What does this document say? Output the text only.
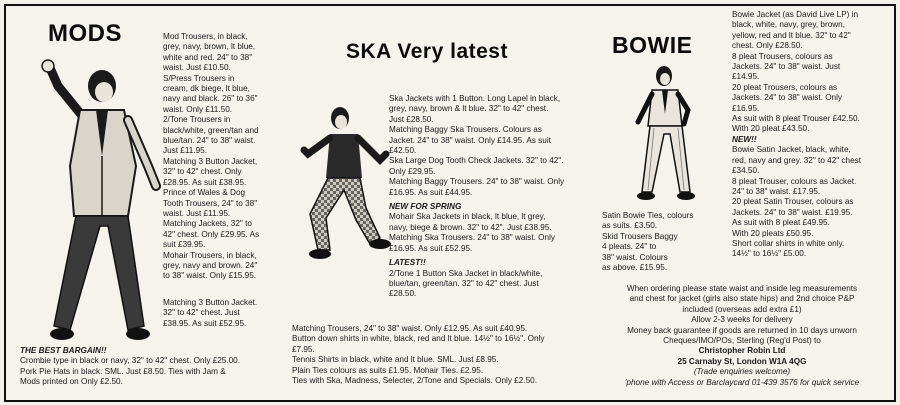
MODS	Mod Trousers, in black,

grey, navy, brown, lt blue,

white and red. 24" to 38"

waist. Just £10.50.

S/Press Trousers in

cream, dk biege, lt blue,

navy and black. 26" to 36"

waist. Only £11.50.

2/Tone Trousers in

black/white, green/tan and

blue/tan. 24" to 38" waist.

Just £11.95.

Matching 3 Button Jacket,

32" to 42" chest. Only

£28.95. As suit £38.95.

Prince of Wales & Dog

Tooth Trousers, 24" to 38"

waist. Just £11.95.

Matching Jackets, 32" to

42" chest. Only £29.95. As

suit £39.95.

Mohair Trousers, in black,

grey, navy and brown. 24"

to 38" waist. Only £15.95.

Matching 3 Button Jacket.

32" to 42" chest. Just

£38.95. As suit £52.95.

THE BEST BARGAIN!!

Crombie type in black or navy, 32" to 42" chest. Only £25.00.

Pork Pie Hats in black. SML. Just £8.50. Ties with Jam &

Mods printed on Only £2.50.

SKA Very latest

Ska Jackets with 1 Button. Long Lapel in black,

grey, navy, brown & lt blue. 32" to 42" chest.

Just £28.50.

Matching Baggy Ska Trousers. Colours as

Jacket. 24" to 38" waist. Only £14.95. As suit

£42.50.

Ska Large Dog Tooth Check Jackets. 32" to 42".

Only £29.95.

Matching Baggy Trousers. 24" to 38" waist. Only

£16.95. As suit £44.95.

NEW FOR SPRING

Mohair Ska Jackets in black, lt blue, lt grey,

navy, biege & brown. 32" to 42". Just £38.95.

Matching Ska Trousers. 24" to 38" waist. Only

£16.95. As suit £52.95.

LATEST!!

2/Tone 1 Button Ska Jacket in black/white,

blue/tan, green/tan. 32" to 42" chest. Just

£28.50.

Matching Trousers, 24" to 38" waist. Only £12.95. As suit £40.95.

Button down shirts in white, black, red and lt blue. 14½" to 16½". Only

£7.95.

Tennis Shirts in black, white and lt blue. SML. Just £8.95.

Plain Ties colours as suits £1.95. Mohair Ties. £2.95.

Ties with Ska, Madness, Selecter, 2/Tone and Specials. Only £2.50.

BOWIE

Bowie Jacket (as David Live LP) in

black, white, navy, grey, brown,

yellow, red and lt blue. 32" to 42"

chest. Only £28.50.

8 pleat Trousers, colours as

Jackets. 24" to 38" waist. Just

£14.95.

20 pleat Trousers, colours as

Jackets. 24" to 38" waist. Only

£16.95.

As suit with 8 pleat Trouser £42.50.

With 20 pleat £43.50.

NEW!!

Bowie Satin Jacket, black, white,

red, navy and grey. 32" to 42" chest

£34.50.

8 pleat Trouser, colours as Jacket.

24" to 38" waist. £17.95.

20 pleat Satin Trouser, colours as

Jackets. 24" to 38" waist. £19.95.

As suit with 8 pleat £49.95.

With 20 pleats £50.95.

Short collar shirts in white only.

14½" to 16½" £5.00.

Satin Bowie Ties, colours

as suits. £3.50.

Skid Trousers Baggy

4 pleats. 24" to

38" waist. Colours

as above. £15.95.

When ordering please state waist and inside leg measurements

and chest for jacket (girls also state hips) and 2nd choice P&P

included (overseas add extra £1)

Allow 2-3 weeks for delivery

Money back guarantee if goods are returned in 10 days unworn

Cheques/IMO/POs, Sterling (Reg'd Post) to

Christopher Robin Ltd

25 Carnaby St, London W1A 4QG

(Trade enquiries welcome)

'phone with Access or Barclaycard 01-439 3576 for quick service
